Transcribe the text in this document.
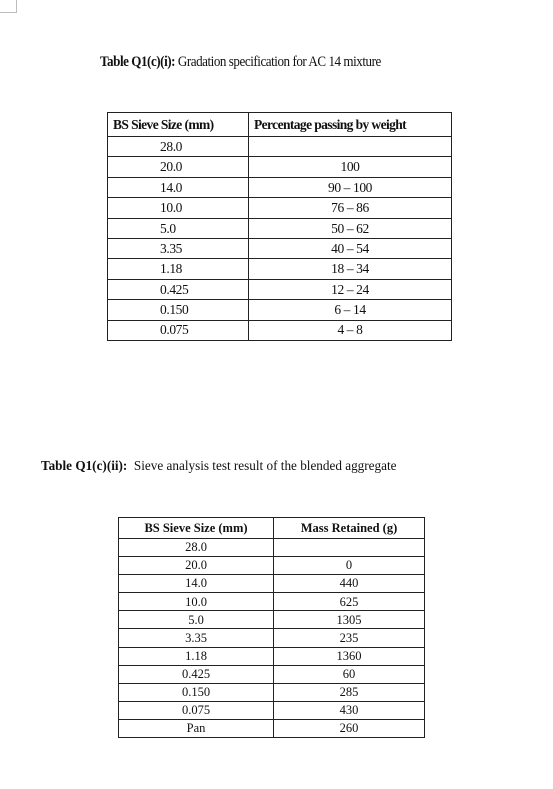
Table Q1(c)(i): Gradation specification for AC 14 mixture
BS Sieve Size (mm)	Percentage passing by weight
28.0	
20.0	100
14.0	90 – 100
10.0	76 – 86
5.0	50 – 62
3.35	40 – 54
1.18	18 – 34
0.425	12 – 24
0.150	6 – 14
0.075	4 – 8
Table Q1(c)(ii):  Sieve analysis test result of the blended aggregate
BS Sieve Size (mm)	Mass Retained (g)
28.0	
20.0	0
14.0	440
10.0	625
5.0	1305
3.35	235
1.18	1360
0.425	60
0.150	285
0.075	430
Pan	260
